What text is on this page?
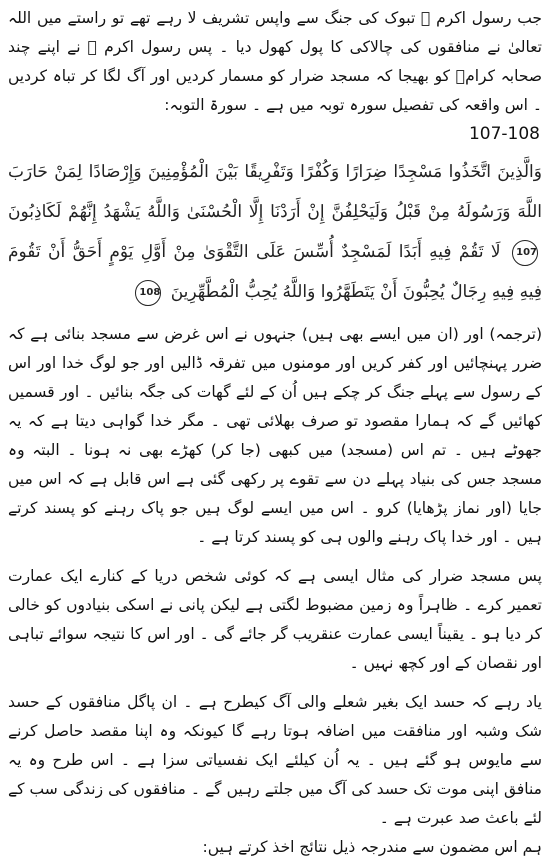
جب رسول اکرم ﷺ تبوک کی جنگ سے واپس تشریف لا رہے تھے تو راستے میں اللہ تعالیٰ نے منافقوں کی چالاکی کا پول کھول دیا ۔ پس رسول اکرم ﷺ نے اپنے چند صحابہ کرامؓ کو بھیجا کہ مسجد ضرار کو مسمار کردیں اور آگ لگا کر تباہ کردیں ۔ اس واقعہ کی تفصیل سورہ توبہ میں ہے ۔ سورۃ التوبہ:

107-108

وَالَّذِينَ اتَّخَذُوا مَسْجِدًا ضِرَارًا وَكُفْرًا وَتَفْرِيقًا بَيْنَ الْمُؤْمِنِينَ وَإِرْصَادًا لِمَنْ حَارَبَ اللَّهَ وَرَسُولَهُ مِنْ قَبْلُ وَلَيَحْلِفُنَّ إِنْ أَرَدْنَا إِلَّا الْحُسْنَىٰ وَاللَّهُ يَشْهَدُ إِنَّهُمْ لَكَاذِبُونَ 107 لَا تَقُمْ فِيهِ أَبَدًا لَمَسْجِدٌ أُسِّسَ عَلَى التَّقْوَىٰ مِنْ أَوَّلِ يَوْمٍ أَحَقُّ أَنْ تَقُومَ فِيهِ فِيهِ رِجَالٌ يُحِبُّونَ أَنْ يَتَطَهَّرُوا وَاللَّهُ يُحِبُّ الْمُطَّهِّرِينَ 108

(ترجمہ) اور (ان میں ایسے بھی ہیں) جنہوں نے اس غرض سے مسجد بنائی ہے کہ ضرر پہنچائیں اور کفر کریں اور مومنوں میں تفرقہ ڈالیں اور جو لوگ خدا اور اس کے رسول سے پہلے جنگ کر چکے ہیں اُن کے لئے گھات کی جگہ بنائیں ۔ اور قسمیں کھائیں گے کہ ہمارا مقصود تو صرف بھلائی تھی ۔ مگر خدا گواہی دیتا ہے کہ یہ جھوٹے ہیں ۔ تم اس (مسجد) میں کبھی (جا کر) کھڑے بھی نہ ہونا ۔ البتہ وہ مسجد جس کی بنیاد پہلے دن سے تقوے پر رکھی گئی ہے اس قابل ہے کہ اس میں جایا (اور نماز پڑھایا) کرو ۔ اس میں ایسے لوگ ہیں جو پاک رہنے کو پسند کرتے ہیں ۔ اور خدا پاک رہنے والوں ہی کو پسند کرتا ہے ۔

پس مسجد ضرار کی مثال ایسی ہے کہ کوئی شخص دریا کے کنارے ایک عمارت تعمیر کرے ۔ ظاہراً وہ زمین مضبوط لگتی ہے لیکن پانی نے اسکی بنیادوں کو خالی کر دیا ہو ۔ یقیناً ایسی عمارت عنقریب گر جائے گی ۔ اور اس کا نتیجہ سوائے تباہی اور نقصان کے اور کچھ نہیں ۔

یاد رہے کہ حسد ایک بغیر شعلے والی آگ کیطرح ہے ۔ ان پاگل منافقوں کے حسد شک وشبہ اور منافقت میں اضافہ ہوتا رہے گا کیونکہ وہ اپنا مقصد حاصل کرنے سے مایوس ہو گئے ہیں ۔ یہ اُن کیلئے ایک نفسیاتی سزا ہے ۔ اس طرح وہ یہ منافق اپنی موت تک حسد کی آگ میں جلتے رہیں گے ۔ منافقوں کی زندگی سب کے لئے باعث صد عبرت ہے ۔

ہم اس مضمون سے مندرجہ ذیل نتائج اخذ کرتے ہیں:
